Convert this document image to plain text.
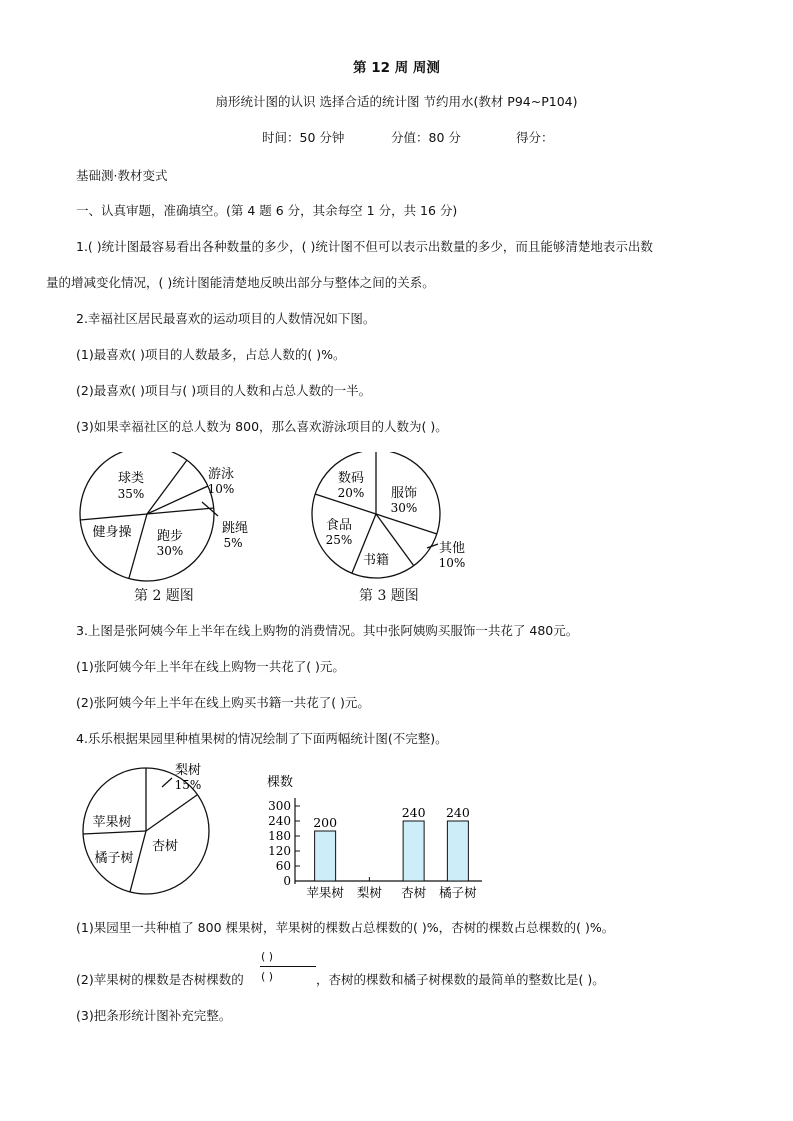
第 12 周 周测
扇形统计图的认识 选择合适的统计图 节约用水(教材 P94~P104)
时间：50 分钟	分值：80 分	得分：
基础测·教材变式
一、认真审题，准确填空。(第 4 题 6 分，其余每空 1 分，共 16 分)
1.( )统计图最容易看出各种数量的多少，( )统计图不但可以表示出数量的多少，而且能够清楚地表示出数
量的增减变化情况，( )统计图能清楚地反映出部分与整体之间的关系。
2.幸福社区居民最喜欢的运动项目的人数情况如下图。
(1)最喜欢( )项目的人数最多，占总人数的( )%。
(2)最喜欢( )项目与( )项目的人数和占总人数的一半。
(3)如果幸福社区的总人数为 800，那么喜欢游泳项目的人数为( )。
球类
35%
游泳
10%
跳绳
5%
跑步
30%
健身操
第 2 题图
数码
20% 服饰
30%
其他
10%
书籍
食品
25%
第 3 题图
3.上图是张阿姨今年上半年在线上购物的消费情况。其中张阿姨购买服饰一共花了 480元。
(1)张阿姨今年上半年在线上购物一共花了( )元。
(2)张阿姨今年上半年在线上购买书籍一共花了( )元。
4.乐乐根据果园里种植果树的情况绘制了下面两幅统计图(不完整)。
梨树
15%
苹果树
杏树
橘子树
棵数
0
60
120
180
240
300
苹果树
200
梨树 杏树
240
橘子树
240
(1)果园里一共种植了 800 棵果树，苹果树的棵数占总棵数的( )%，杏树的棵数占总棵数的( )%。
(2)苹果树的棵数是杏树棵数的
( )
( )	，杏树的棵数和橘子树棵数的最简单的整数比是( )。
(3)把条形统计图补充完整。
